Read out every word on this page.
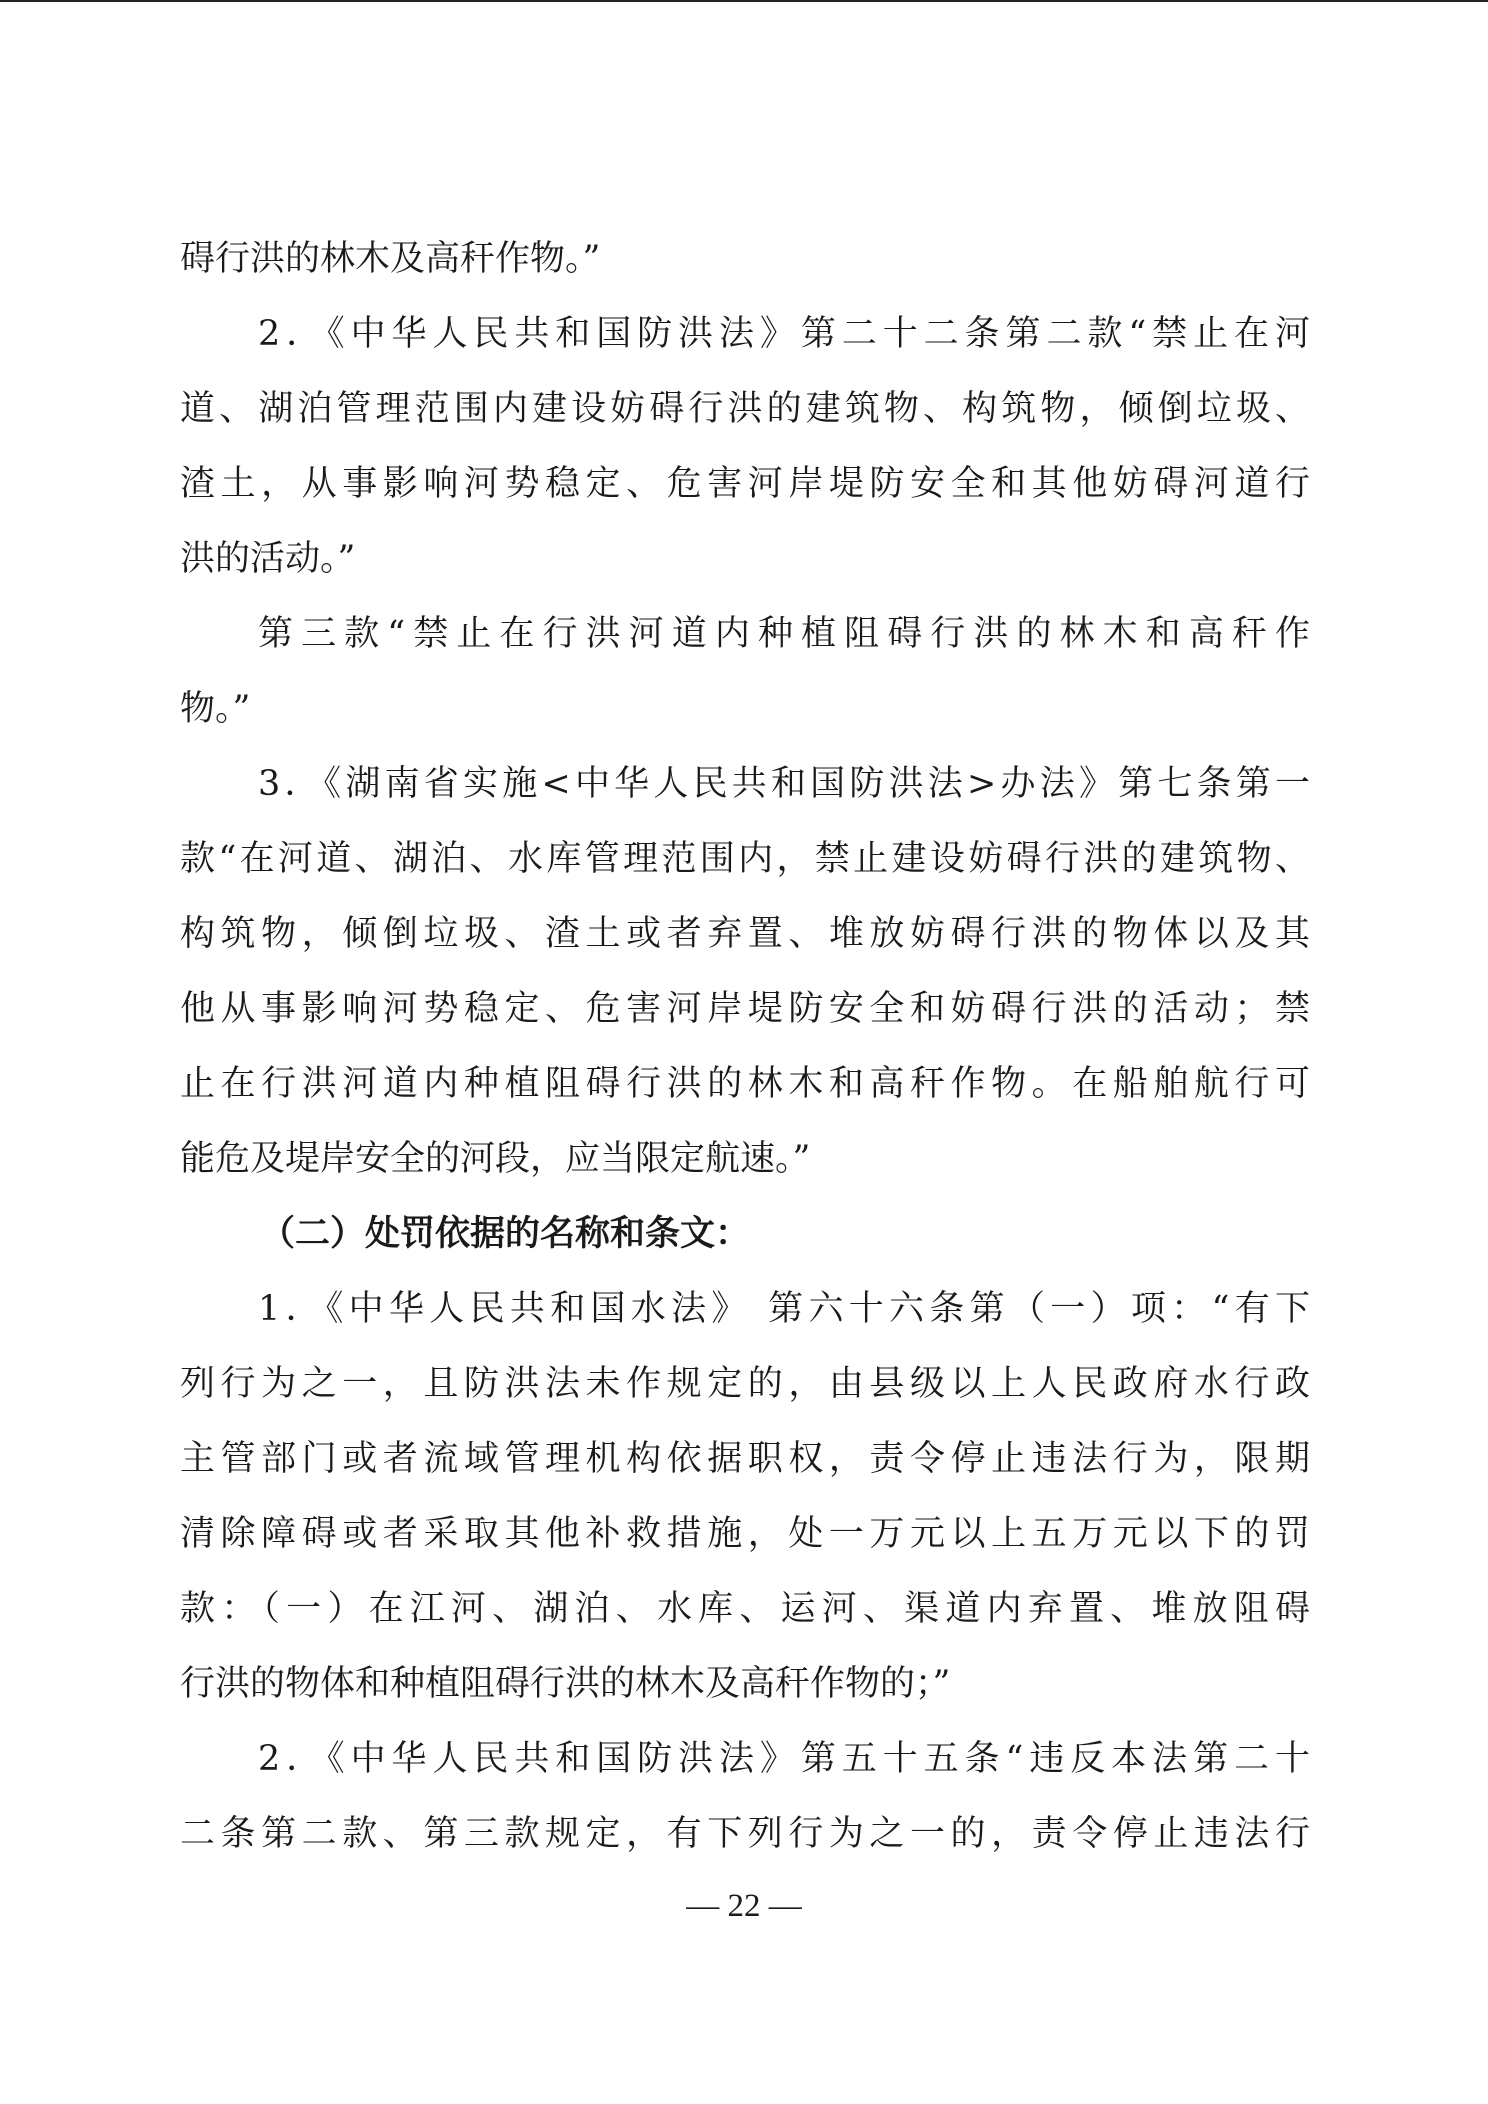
碍行洪的林木及高秆作物。”
2．《中华人民共和国防洪法》第二十二条第二款“禁止在河
道、湖泊管理范围内建设妨碍行洪的建筑物、构筑物，倾倒垃圾、
渣土，从事影响河势稳定、危害河岸堤防安全和其他妨碍河道行
洪的活动。”
第三款“禁止在行洪河道内种植阻碍行洪的林木和高秆作
物。”
3．《湖南省实施<中华人民共和国防洪法>办法》第七条第一
款“在河道、湖泊、水库管理范围内，禁止建设妨碍行洪的建筑物、
构筑物，倾倒垃圾、渣土或者弃置、堆放妨碍行洪的物体以及其
他从事影响河势稳定、危害河岸堤防安全和妨碍行洪的活动；禁
止在行洪河道内种植阻碍行洪的林木和高秆作物。在船舶航行可
能危及堤岸安全的河段，应当限定航速。”
（二）处罚依据的名称和条文：
1．《中华人民共和国水法》 第六十六条第（一）项：“有下
列行为之一，且防洪法未作规定的，由县级以上人民政府水行政
主管部门或者流域管理机构依据职权，责令停止违法行为，限期
清除障碍或者采取其他补救措施，处一万元以上五万元以下的罚
款：（一）在江河、湖泊、水库、运河、渠道内弃置、堆放阻碍
行洪的物体和种植阻碍行洪的林木及高秆作物的；”
2．《中华人民共和国防洪法》第五十五条“违反本法第二十
二条第二款、第三款规定，有下列行为之一的，责令停止违法行
— 22 —
